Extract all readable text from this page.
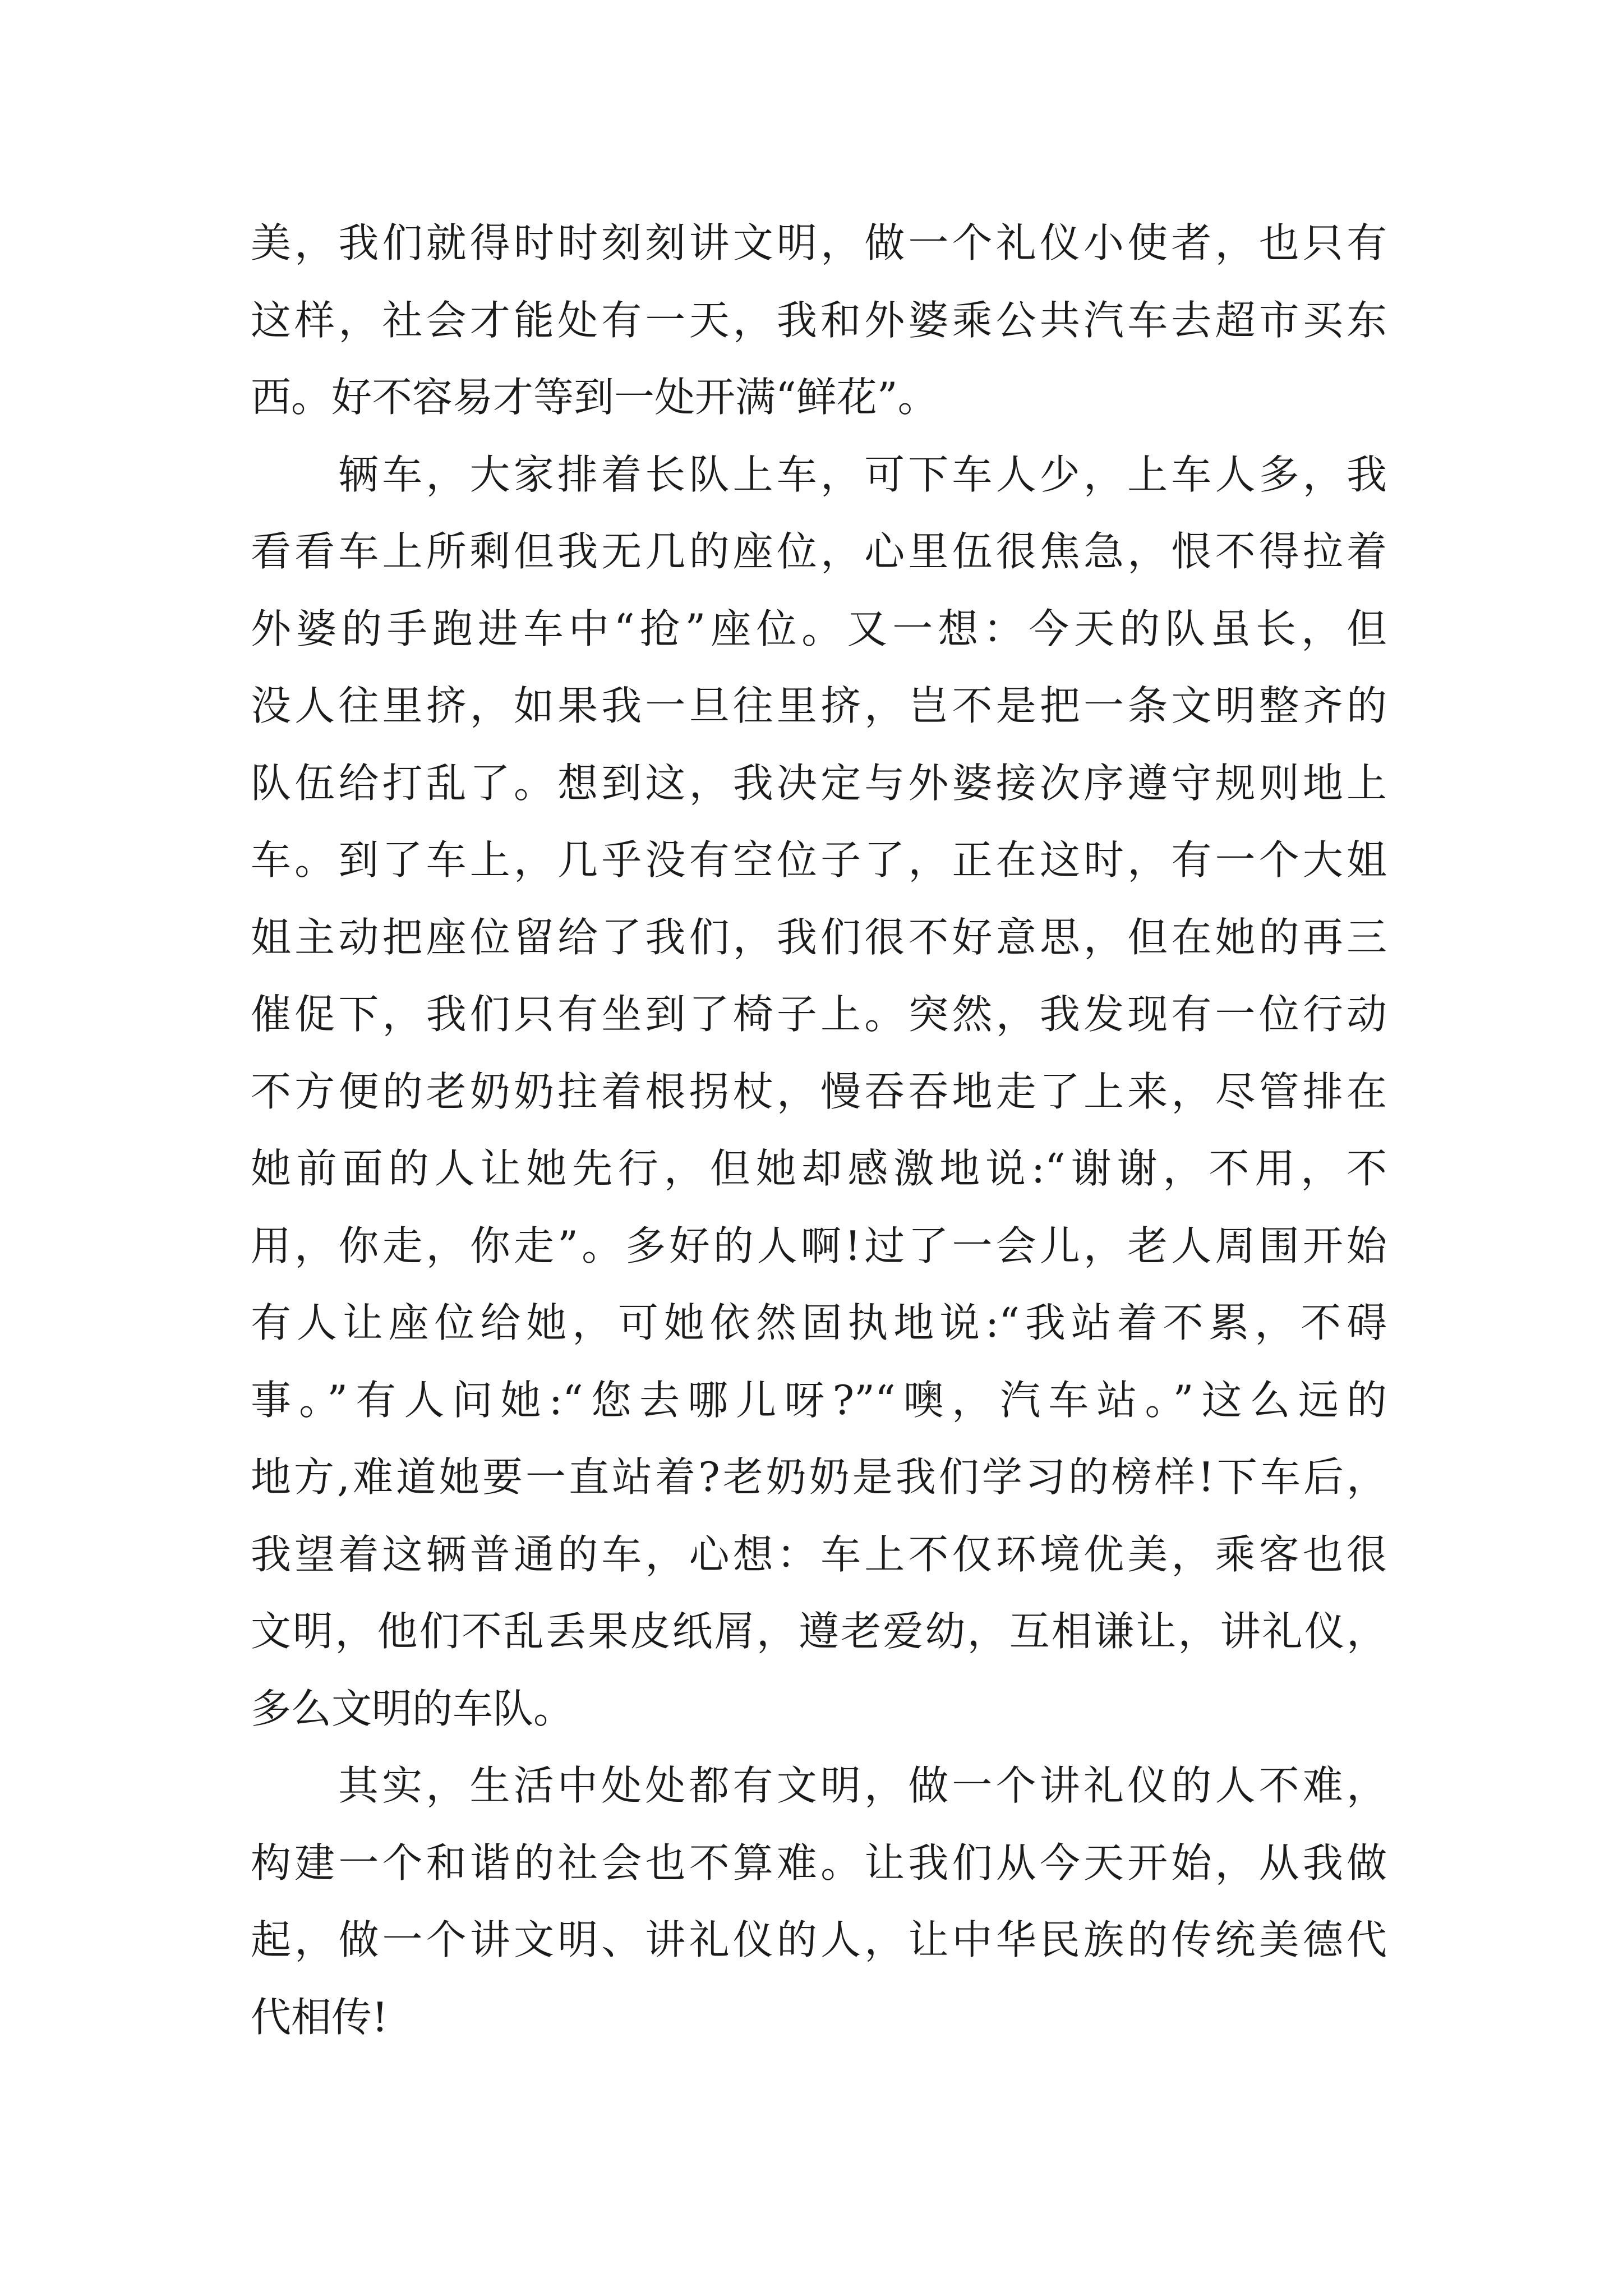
美，我们就得时时刻刻讲文明，做一个礼仪小使者，也只有
这样，社会才能处有一天，我和外婆乘公共汽车去超市买东
西。好不容易才等到一处开满“鲜花”。
辆车，大家排着长队上车，可下车人少，上车人多，我
看看车上所剩但我无几的座位，心里伍很焦急，恨不得拉着
外婆的手跑进车中“抢”座位。又一想：今天的队虽长，但
没人往里挤，如果我一旦往里挤，岂不是把一条文明整齐的
队伍给打乱了。想到这，我决定与外婆接次序遵守规则地上
车。到了车上，几乎没有空位子了，正在这时，有一个大姐
姐主动把座位留给了我们，我们很不好意思，但在她的再三
催促下，我们只有坐到了椅子上。突然，我发现有一位行动
不方便的老奶奶拄着根拐杖，慢吞吞地走了上来，尽管排在
她前面的人让她先行，但她却感激地说:“谢谢，不用，不
用，你走，你走”。多好的人啊!过了一会儿，老人周围开始
有人让座位给她，可她依然固执地说:“我站着不累，不碍
事。”有人问她:“您去哪儿呀?”“噢，汽车站。”这么远的
地方,难道她要一直站着?老奶奶是我们学习的榜样!下车后，
我望着这辆普通的车，心想：车上不仅环境优美，乘客也很
文明，他们不乱丢果皮纸屑，遵老爱幼，互相谦让，讲礼仪，
多么文明的车队。
其实，生活中处处都有文明，做一个讲礼仪的人不难，
构建一个和谐的社会也不算难。让我们从今天开始，从我做
起，做一个讲文明、讲礼仪的人，让中华民族的传统美德代
代相传!
